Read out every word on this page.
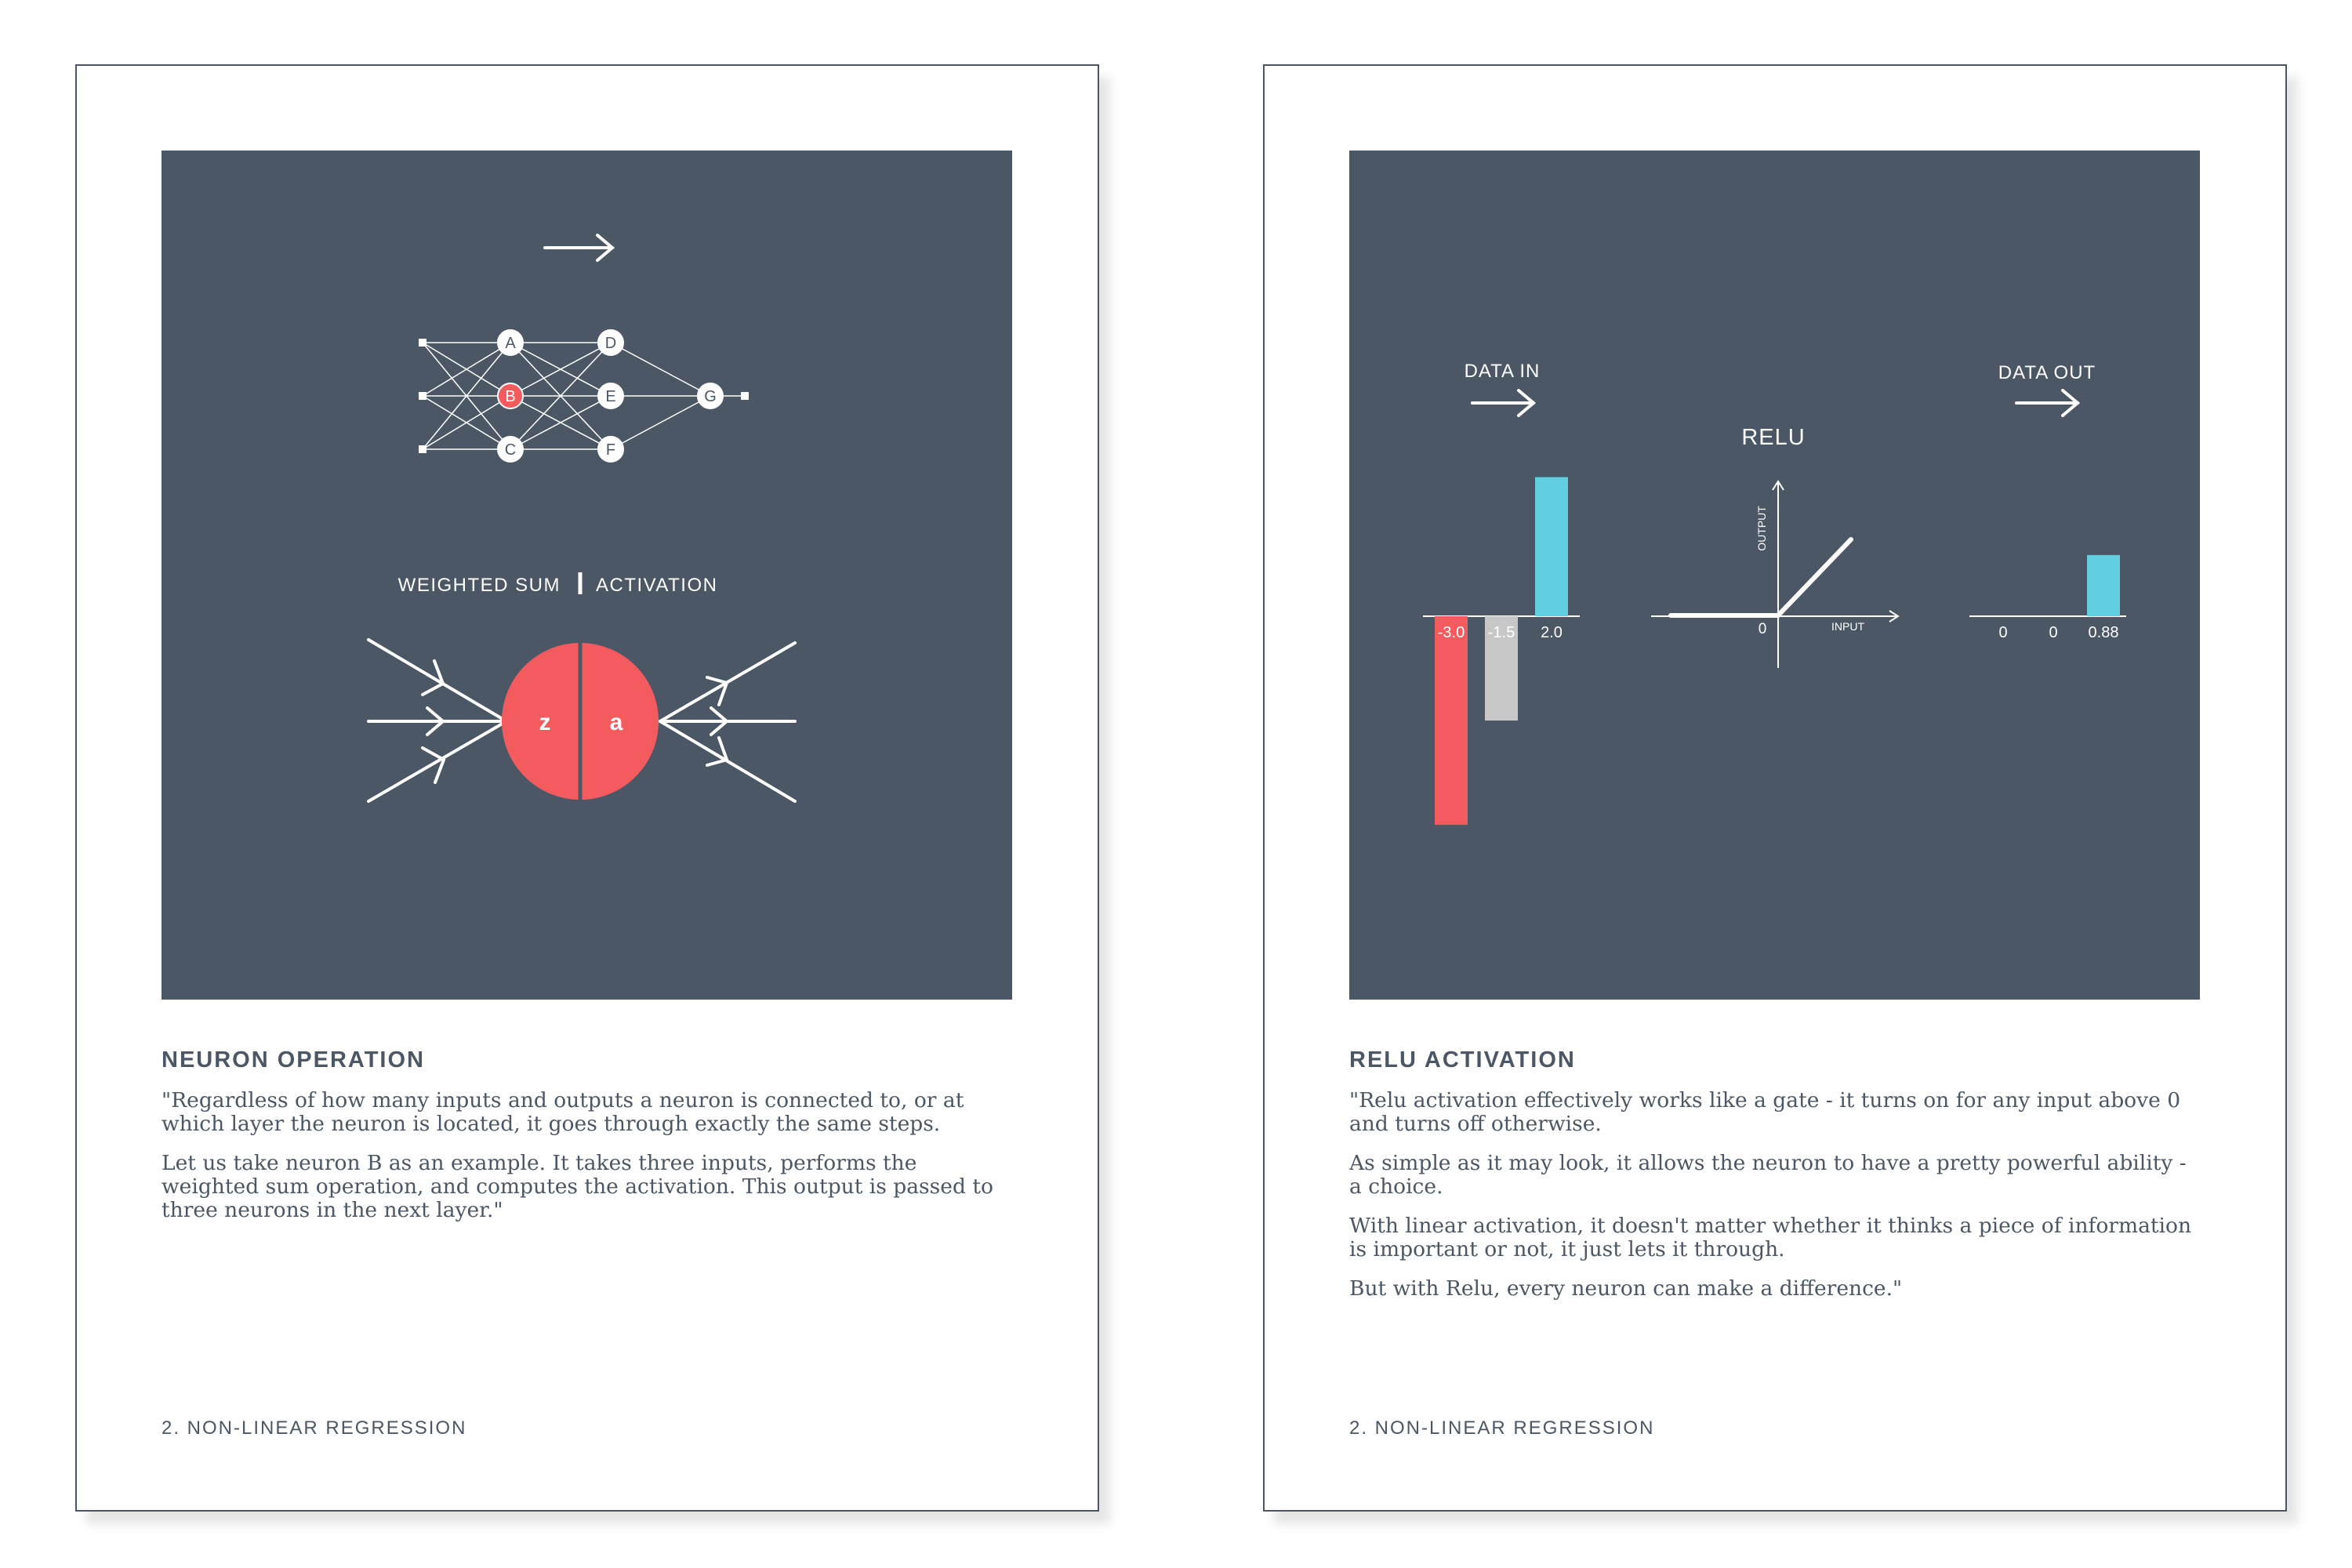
A
B
C
D
E
F
G
WEIGHTED SUM ACTIVATION
z	a
NEURON OPERATION

"Regardless of how many inputs and outputs a neuron is connected to, or at which layer the neuron is located, it goes through exactly the same steps.

Let us take neuron B as an example. It takes three inputs, performs the weighted sum operation, and computes the activation. This output is passed to three neurons in the next layer."

2. NON-LINEAR REGRESSION
DATA IN	DATA OUT
-3.0 -1.5 2.0
RELU
0	INPUT
OUTPUT
0	0 0.88
RELU ACTIVATION

"Relu activation effectively works like a gate - it turns on for any input above 0 and turns off otherwise.

As simple as it may look, it allows the neuron to have a pretty powerful ability - a choice.

With linear activation, it doesn't matter whether it thinks a piece of information is important or not, it just lets it through.

But with Relu, every neuron can make a difference."

2. NON-LINEAR REGRESSION
